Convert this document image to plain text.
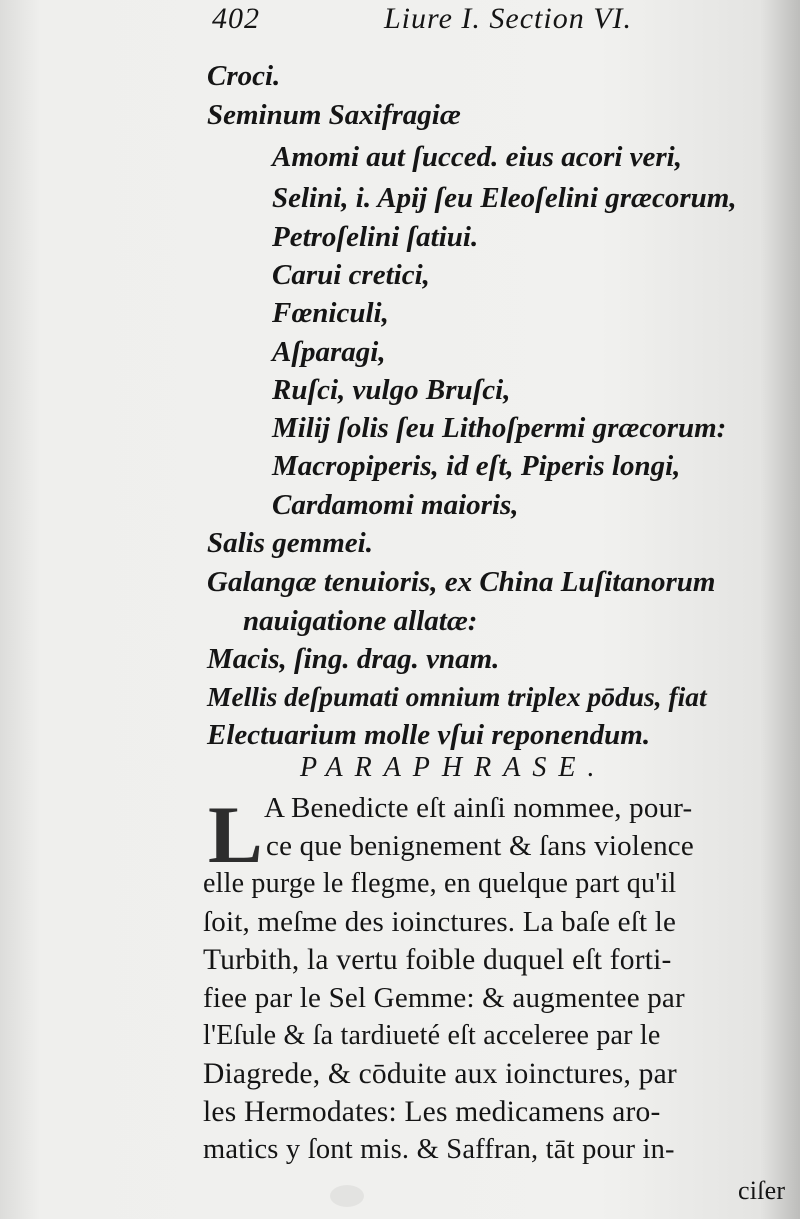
402	Liure I. Section VI.
Croci.
Seminum Saxifragiæ
Amomi aut ſucced. eius acori veri,
Selini, i. Apij ſeu Eleoſelini græcorum,
Petroſelini ſatiui.
Carui cretici,
Fœniculi,
Aſparagi,
Ruſci, vulgo Bruſci,
Milij ſolis ſeu Lithoſpermi græcorum:
Macropiperis, id eſt, Piperis longi,
Cardamomi maioris,
Salis gemmei.
Galangæ tenuioris, ex China Luſitanorum
nauigatione allatæ:
Macis, ſing. drag. vnam.
Mellis deſpumati omnium triplex pōdus, fiat
Electuarium molle vſui reponendum.
PARAPHRASE.
L A Benedicte eſt ainſi nommee, pour-
ce que benignement & ſans violence
elle purge le flegme, en quelque part qu'il
ſoit, meſme des ioinctures. La baſe eſt le
Turbith, la vertu foible duquel eſt forti-
fiee par le Sel Gemme: & augmentee par
l'Eſule & ſa tardiueté eſt acceleree par le
Diagrede, & cōduite aux ioinctures, par
les Hermodates: Les medicamens aro-
matics y ſont mis. & Saffran, tāt pour in-
ciſer
